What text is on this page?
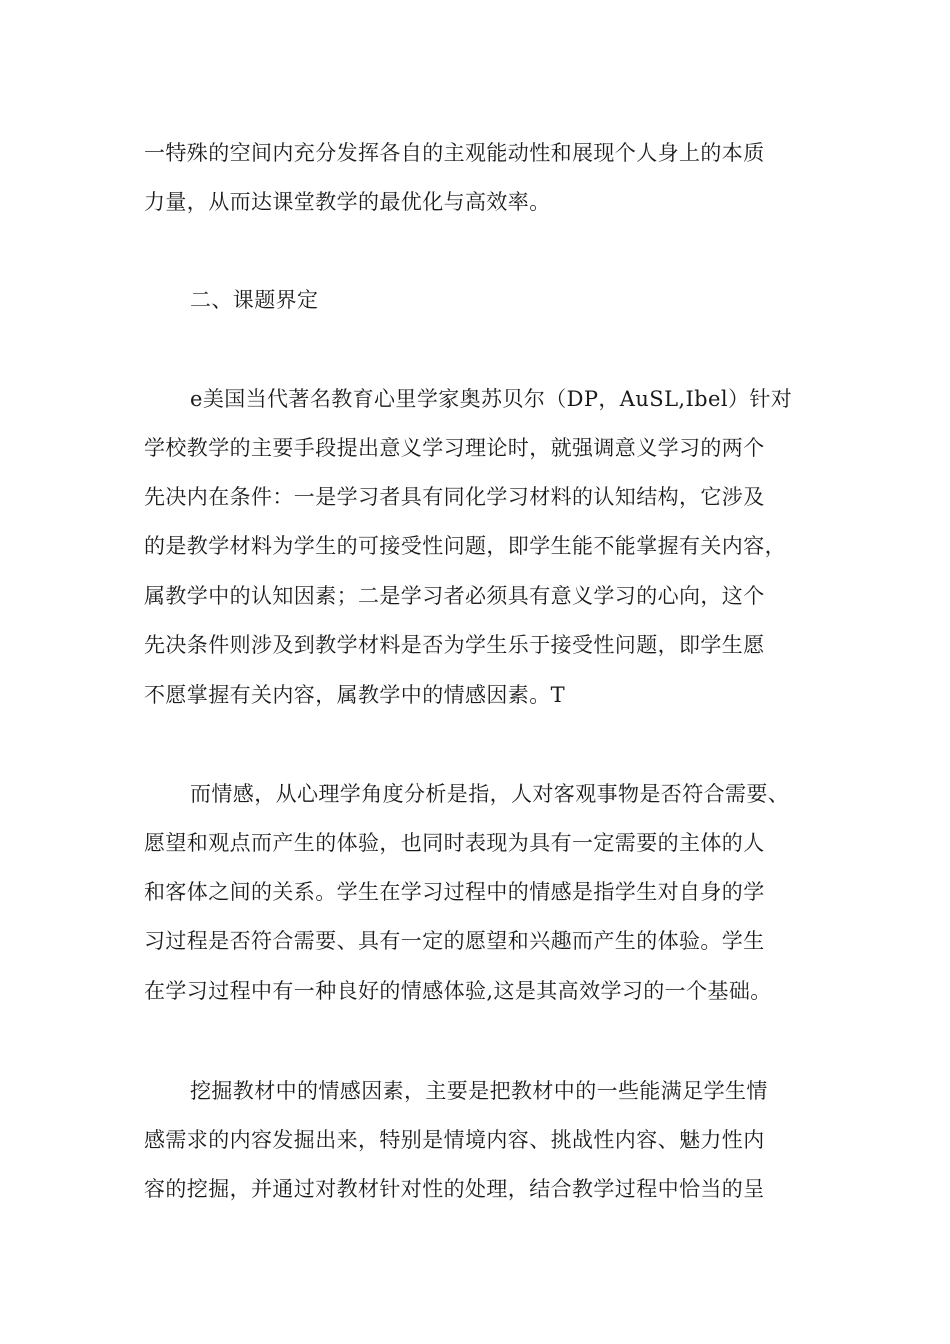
一特殊的空间内充分发挥各自的主观能动性和展现个人身上的本质
力量，从而达课堂教学的最优化与高效率。
二、课题界定
e美国当代著名教育心里学家奥苏贝尔（DP，AuSL,Ibel）针对
学校教学的主要手段提出意义学习理论时，就强调意义学习的两个
先决内在条件：一是学习者具有同化学习材料的认知结构，它涉及
的是教学材料为学生的可接受性问题，即学生能不能掌握有关内容，
属教学中的认知因素；二是学习者必须具有意义学习的心向，这个
先决条件则涉及到教学材料是否为学生乐于接受性问题，即学生愿
不愿掌握有关内容，属教学中的情感因素。T
而情感，从心理学角度分析是指，人对客观事物是否符合需要、
愿望和观点而产生的体验，也同时表现为具有一定需要的主体的人
和客体之间的关系。学生在学习过程中的情感是指学生对自身的学
习过程是否符合需要、具有一定的愿望和兴趣而产生的体验。学生
在学习过程中有一种良好的情感体验,这是其高效学习的一个基础。
挖掘教材中的情感因素，主要是把教材中的一些能满足学生情
感需求的内容发掘出来，特别是情境内容、挑战性内容、魅力性内
容的挖掘，并通过对教材针对性的处理，结合教学过程中恰当的呈
